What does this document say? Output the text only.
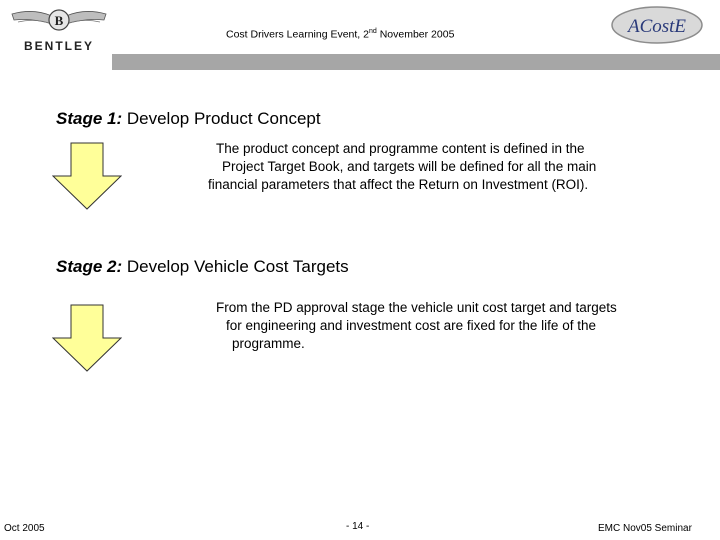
B
BENTLEY
Cost Drivers Learning Event, 2nd November 2005	ACostE
Stage 1: Develop Product Concept
The product concept and programme content is defined in the
Project Target Book, and targets will be defined for all the main
financial parameters that affect the Return on Investment (ROI).
Stage 2: Develop Vehicle Cost Targets
From the PD approval stage the vehicle unit cost target and targets
for engineering and investment cost are fixed for the life of the
programme.
Oct 2005	- 14 -	EMC Nov05 Seminar
